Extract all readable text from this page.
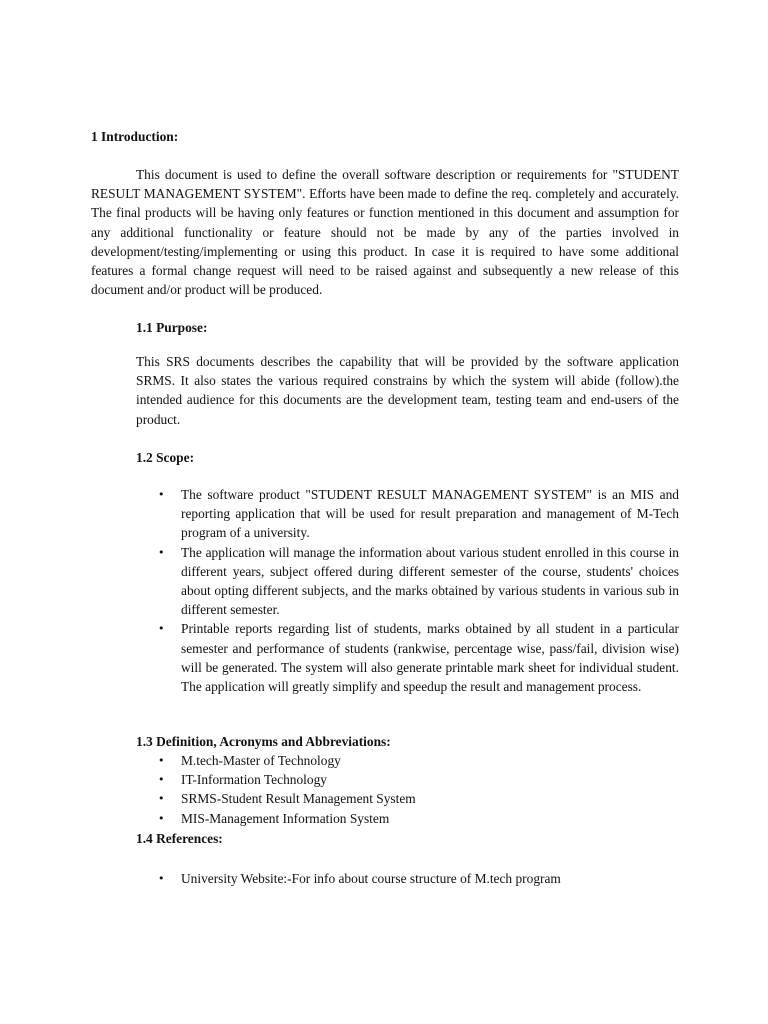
1 Introduction:

This document is used to define the overall software description or requirements for "STUDENT RESULT MANAGEMENT SYSTEM". Efforts have been made to define the req. completely and accurately. The final products will be having only features or function mentioned in this document and assumption for any additional functionality or feature should not be made by any of the parties involved in development/testing/implementing or using this product. In case it is required to have some additional features a formal change request will need to be raised against and subsequently a new release of this document and/or product will be produced.

1.1 Purpose:

This SRS documents describes the capability that will be provided by the software application SRMS. It also states the various required constrains by which the system will abide (follow).the intended audience for this documents are the development team, testing team and end-users of the product.

1.2 Scope:
• The software product "STUDENT RESULT MANAGEMENT SYSTEM" is an MIS and reporting application that will be used for result preparation and management of M-Tech program of a university.
• The application will manage the information about various student enrolled in this course in different years, subject offered during different semester of the course, students' choices about opting different subjects, and the marks obtained by various students in various sub in different semester.
• Printable reports regarding list of students, marks obtained by all student in a particular semester and performance of students (rankwise, percentage wise, pass/fail, division wise) will be generated. The system will also generate printable mark sheet for individual student. The application will greatly simplify and speedup the result and management process.
1.3 Definition, Acronyms and Abbreviations:
• M.tech-Master of Technology
• IT-Information Technology
• SRMS-Student Result Management System
• MIS-Management Information System
1.4 References:
• University Website:-For info about course structure of M.tech program
